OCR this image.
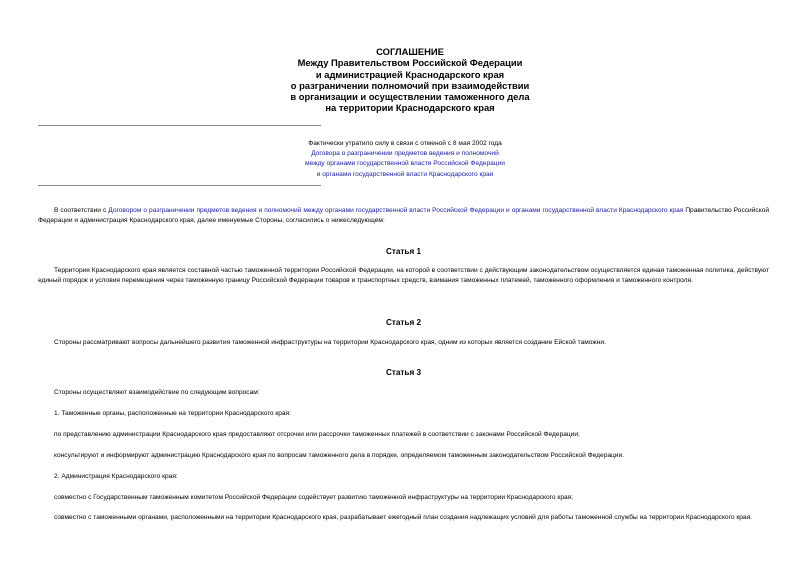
СОГЛАШЕНИЕ
Между Правительством Российской Федерации
и администрацией Краснодарского края
о разграничении полномочий при взаимодействии
в организации и осуществлении таможенного дела
на территории Краснодарского края
Фактически утратило силу в связи с отменой с 8 мая 2002 года
Договора о разграничении предметов ведения и полномочий
между органами государственной власти Российской Федерации
и органами государственной власти Краснодарского края
В соответствии с Договором о разграничении предметов ведения и полномочий между органами государственной власти Российской Федерации и органами государственной власти Краснодарского края Правительство Российской Федерации и администрация Краснодарского края, далее именуемые Стороны, согласились о нижеследующем:
Статья 1
Территория Краснодарского края является составной частью таможенной территории Российской Федерации, на которой в соответствии с действующим законодательством осуществляется единая таможенная политика, действуют единый порядок и условия перемещения через таможенную границу Российской Федерации товаров и транспортных средств, взимания таможенных платежей, таможенного оформления и таможенного контроля.
Статья 2
Стороны рассматривают вопросы дальнейшего развития таможенной инфраструктуры на территории Краснодарского края, одним из которых является создание Ейской таможни.
Статья 3
Стороны осуществляют взаимодействие по следующим вопросам:
1. Таможенные органы, расположенные на территории Краснодарского края:
по представлению администрации Краснодарского края предоставляют отсрочки или рассрочки таможенных платежей в соответствии с законами Российской Федерации;
консультируют и информируют администрацию Краснодарского края по вопросам таможенного дела в порядке, определяемом таможенным законодательством Российской Федерации.
2. Администрация Краснодарского края:
совместно с Государственным таможенным комитетом Российской Федерации содействует развитию таможенной инфраструктуры на территории Краснодарского края;
совместно с таможенными органами, расположенными на территории Краснодарского края, разрабатывает ежегодный план создания надлежащих условий для работы таможенной службы на территории Краснодарского края.
